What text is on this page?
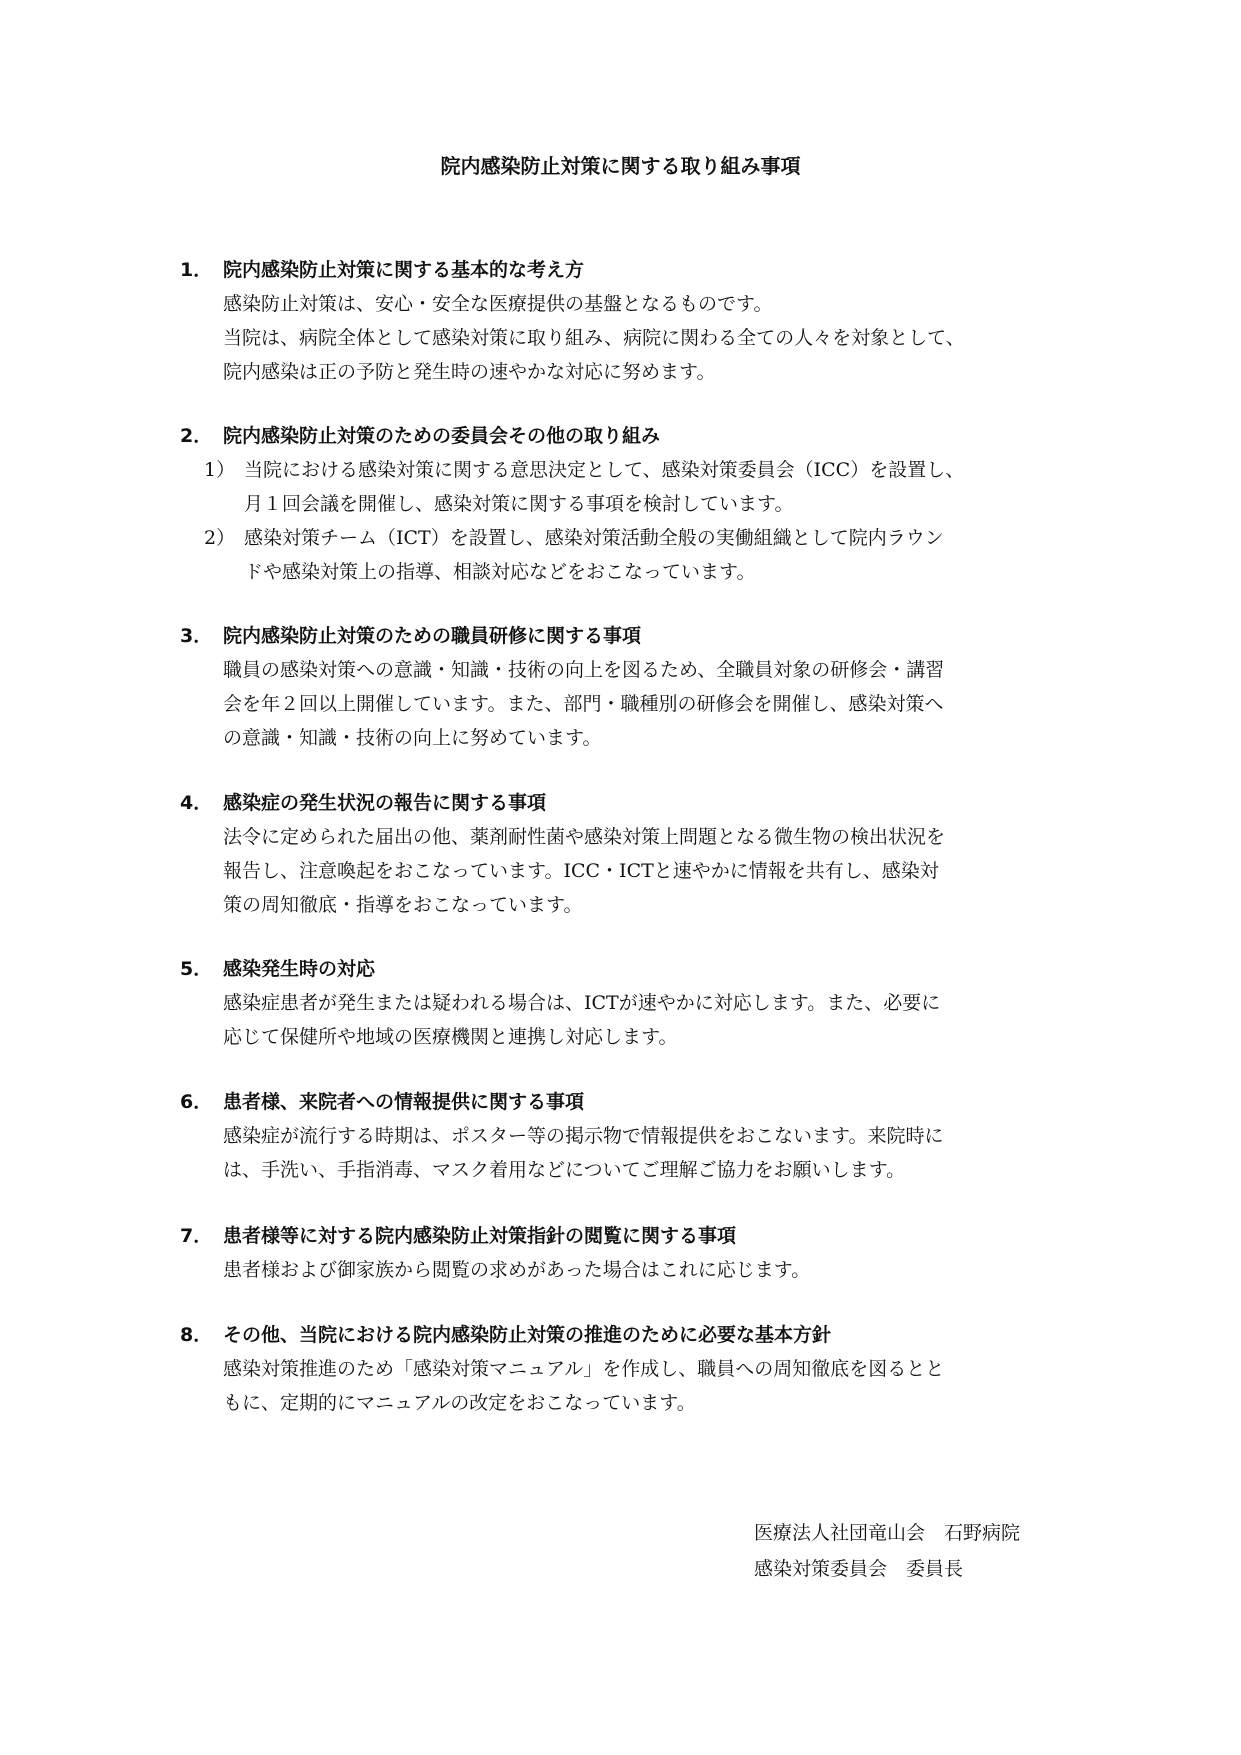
院内感染防止対策に関する取り組み事項
1． 院内感染防止対策に関する基本的な考え方
感染防止対策は、安心・安全な医療提供の基盤となるものです。
当院は、病院全体として感染対策に取り組み、病院に関わる全ての人々を対象として、
院内感染は正の予防と発生時の速やかな対応に努めます。
2． 院内感染防止対策のための委員会その他の取り組み
1） 当院における感染対策に関する意思決定として、感染対策委員会（ICC）を設置し、
月１回会議を開催し、感染対策に関する事項を検討しています。
2） 感染対策チーム（ICT）を設置し、感染対策活動全般の実働組織として院内ラウン
ドや感染対策上の指導、相談対応などをおこなっています。
3． 院内感染防止対策のための職員研修に関する事項
職員の感染対策への意識・知識・技術の向上を図るため、全職員対象の研修会・講習
会を年２回以上開催しています。また、部門・職種別の研修会を開催し、感染対策へ
の意識・知識・技術の向上に努めています。
4． 感染症の発生状況の報告に関する事項
法令に定められた届出の他、薬剤耐性菌や感染対策上問題となる微生物の検出状況を
報告し、注意喚起をおこなっています。ICC・ICTと速やかに情報を共有し、感染対
策の周知徹底・指導をおこなっています。
5． 感染発生時の対応
感染症患者が発生または疑われる場合は、ICTが速やかに対応します。また、必要に
応じて保健所や地域の医療機関と連携し対応します。
6． 患者様、来院者への情報提供に関する事項
感染症が流行する時期は、ポスター等の掲示物で情報提供をおこないます。来院時に
は、手洗い、手指消毒、マスク着用などについてご理解ご協力をお願いします。
7． 患者様等に対する院内感染防止対策指針の閲覧に関する事項
患者様および御家族から閲覧の求めがあった場合はこれに応じます。
8． その他、当院における院内感染防止対策の推進のために必要な基本方針
感染対策推進のため「感染対策マニュアル」を作成し、職員への周知徹底を図るとと
もに、定期的にマニュアルの改定をおこなっています。
医療法人社団竜山会　石野病院
感染対策委員会　委員長
